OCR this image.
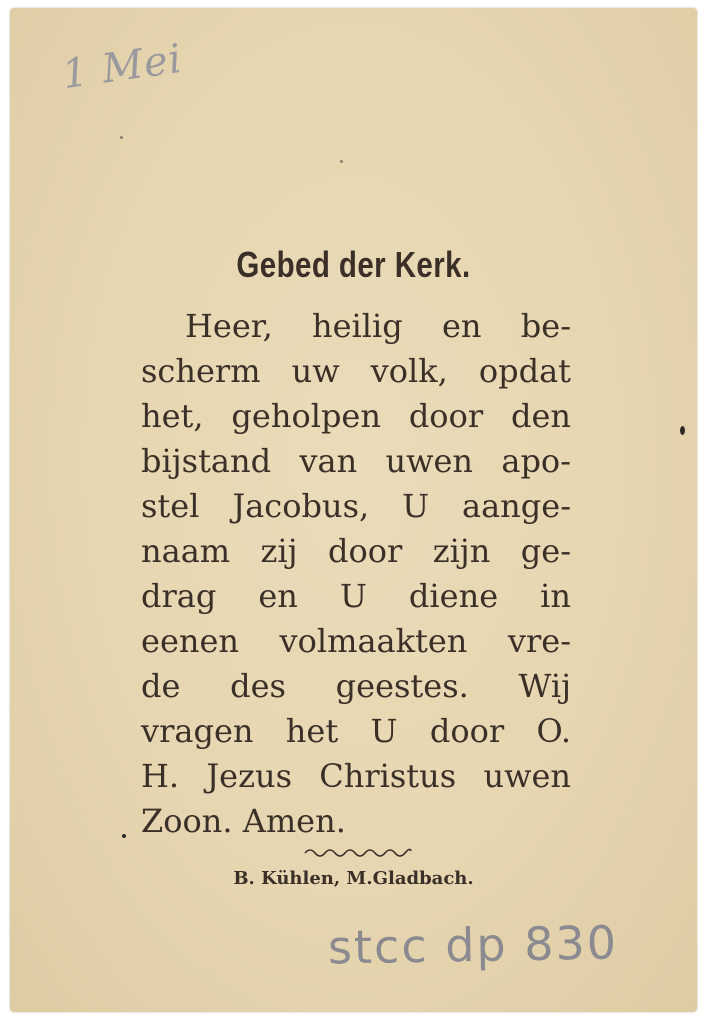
1 Mei
Gebed der Kerk.
Heer, heilig en be-
scherm uw volk, opdat
het, geholpen door den
bijstand van uwen apo-
stel Jacobus, U aange-
naam zij door zijn ge-
drag en U diene in
eenen volmaakten vre-
de des geestes. Wij
vragen het U door O.
H. Jezus Christus uwen
Zoon. Amen.
B. Kühlen, M.Gladbach.
stcc dp 830
